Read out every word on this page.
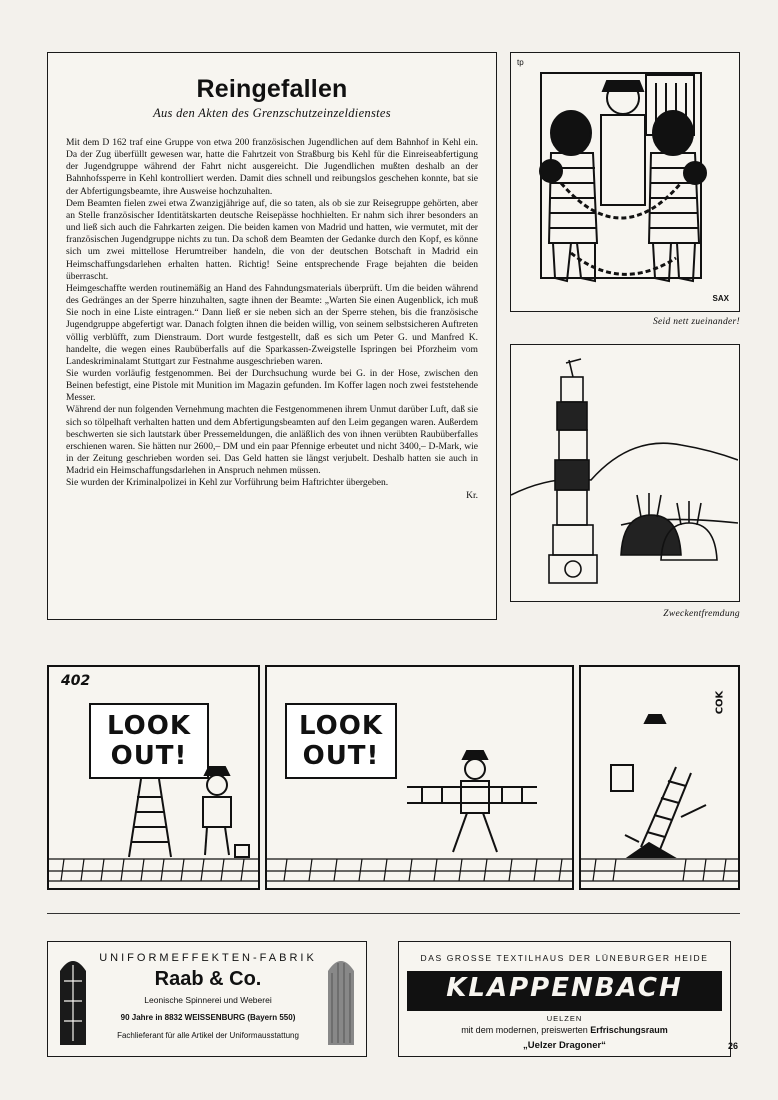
Reingefallen
Aus den Akten des Grenzschutzeinzeldienstes

Mit dem D 162 traf eine Gruppe von etwa 200 französischen Jugendlichen auf dem Bahnhof in Kehl ein. Da der Zug überfüllt gewesen war, hatte die Fahrtzeit von Straßburg bis Kehl für die Einreiseabfertigung der Jugendgruppe während der Fahrt nicht ausgereicht. Die Jugendlichen mußten deshalb an der Bahnhofssperre in Kehl kontrolliert werden. Damit dies schnell und reibungslos geschehen konnte, bat sie der Abfertigungsbeamte, ihre Ausweise hochzuhalten.

Dem Beamten fielen zwei etwa Zwanzigjährige auf, die so taten, als ob sie zur Reisegruppe gehörten, aber an Stelle französischer Identitätskarten deutsche Reisepässe hochhielten. Er nahm sich ihrer besonders an und ließ sich auch die Fahrkarten zeigen. Die beiden kamen von Madrid und hatten, wie vermutet, mit der französischen Jugendgruppe nichts zu tun. Da schoß dem Beamten der Gedanke durch den Kopf, es könne sich um zwei mittellose Herumtreiber handeln, die von der deutschen Botschaft in Madrid ein Heimschaffungsdarlehen erhalten hatten. Richtig! Seine entsprechende Frage bejahten die beiden überrascht.

Heimgeschaffte werden routinemäßig an Hand des Fahndungsmaterials überprüft. Um die beiden während des Gedränges an der Sperre hinzuhalten, sagte ihnen der Beamte: „Warten Sie einen Augenblick, ich muß Sie noch in eine Liste eintragen.“ Dann ließ er sie neben sich an der Sperre stehen, bis die französische Jugendgruppe abgefertigt war. Danach folgten ihnen die beiden willig, von seinem selbstsicheren Auftreten völlig verblüfft, zum Dienstraum. Dort wurde festgestellt, daß es sich um Peter G. und Manfred K. handelte, die wegen eines Raubüberfalls auf die Sparkassen-Zweigstelle Ispringen bei Pforzheim vom Landeskriminalamt Stuttgart zur Festnahme ausgeschrieben waren.

Sie wurden vorläufig festgenommen. Bei der Durchsuchung wurde bei G. in der Hose, zwischen den Beinen befestigt, eine Pistole mit Munition im Magazin gefunden. Im Koffer lagen noch zwei feststehende Messer.

Während der nun folgenden Vernehmung machten die Festgenommenen ihrem Unmut darüber Luft, daß sie sich so tölpelhaft verhalten hatten und dem Abfertigungsbeamten auf den Leim gegangen waren. Außerdem beschwerten sie sich lautstark über Pressemeldungen, die anläßlich des von ihnen verübten Raubüberfalles erschienen waren. Sie hätten nur 2600,– DM und ein paar Pfennige erbeutet und nicht 3400,– D-Mark, wie in der Zeitung geschrieben worden sei. Das Geld hatten sie längst verjubelt. Deshalb hatten sie auch in Madrid ein Heimschaffungsdarlehen in Anspruch nehmen müssen.

Sie wurden der Kriminalpolizei in Kehl zur Vorführung beim Haftrichter übergeben.

Kr.
tp
SAX
Seid nett zueinander!
Zweckentfremdung
402
LOOK
OUT!
LOOK
OUT!
COK
UNIFORMEFFEKTEN-FABRIK
Raab & Co.
Leonische Spinnerei und Weberei
90 Jahre in 8832 WEISSENBURG (Bayern 550)
Fachlieferant für alle Artikel der Uniformausstattung
DAS GROSSE TEXTILHAUS DER LÜNEBURGER HEIDE
KLAPPENBACH
UELZEN
mit dem modernen, preiswerten Erfrischungsraum
„Uelzer Dragoner“	26
